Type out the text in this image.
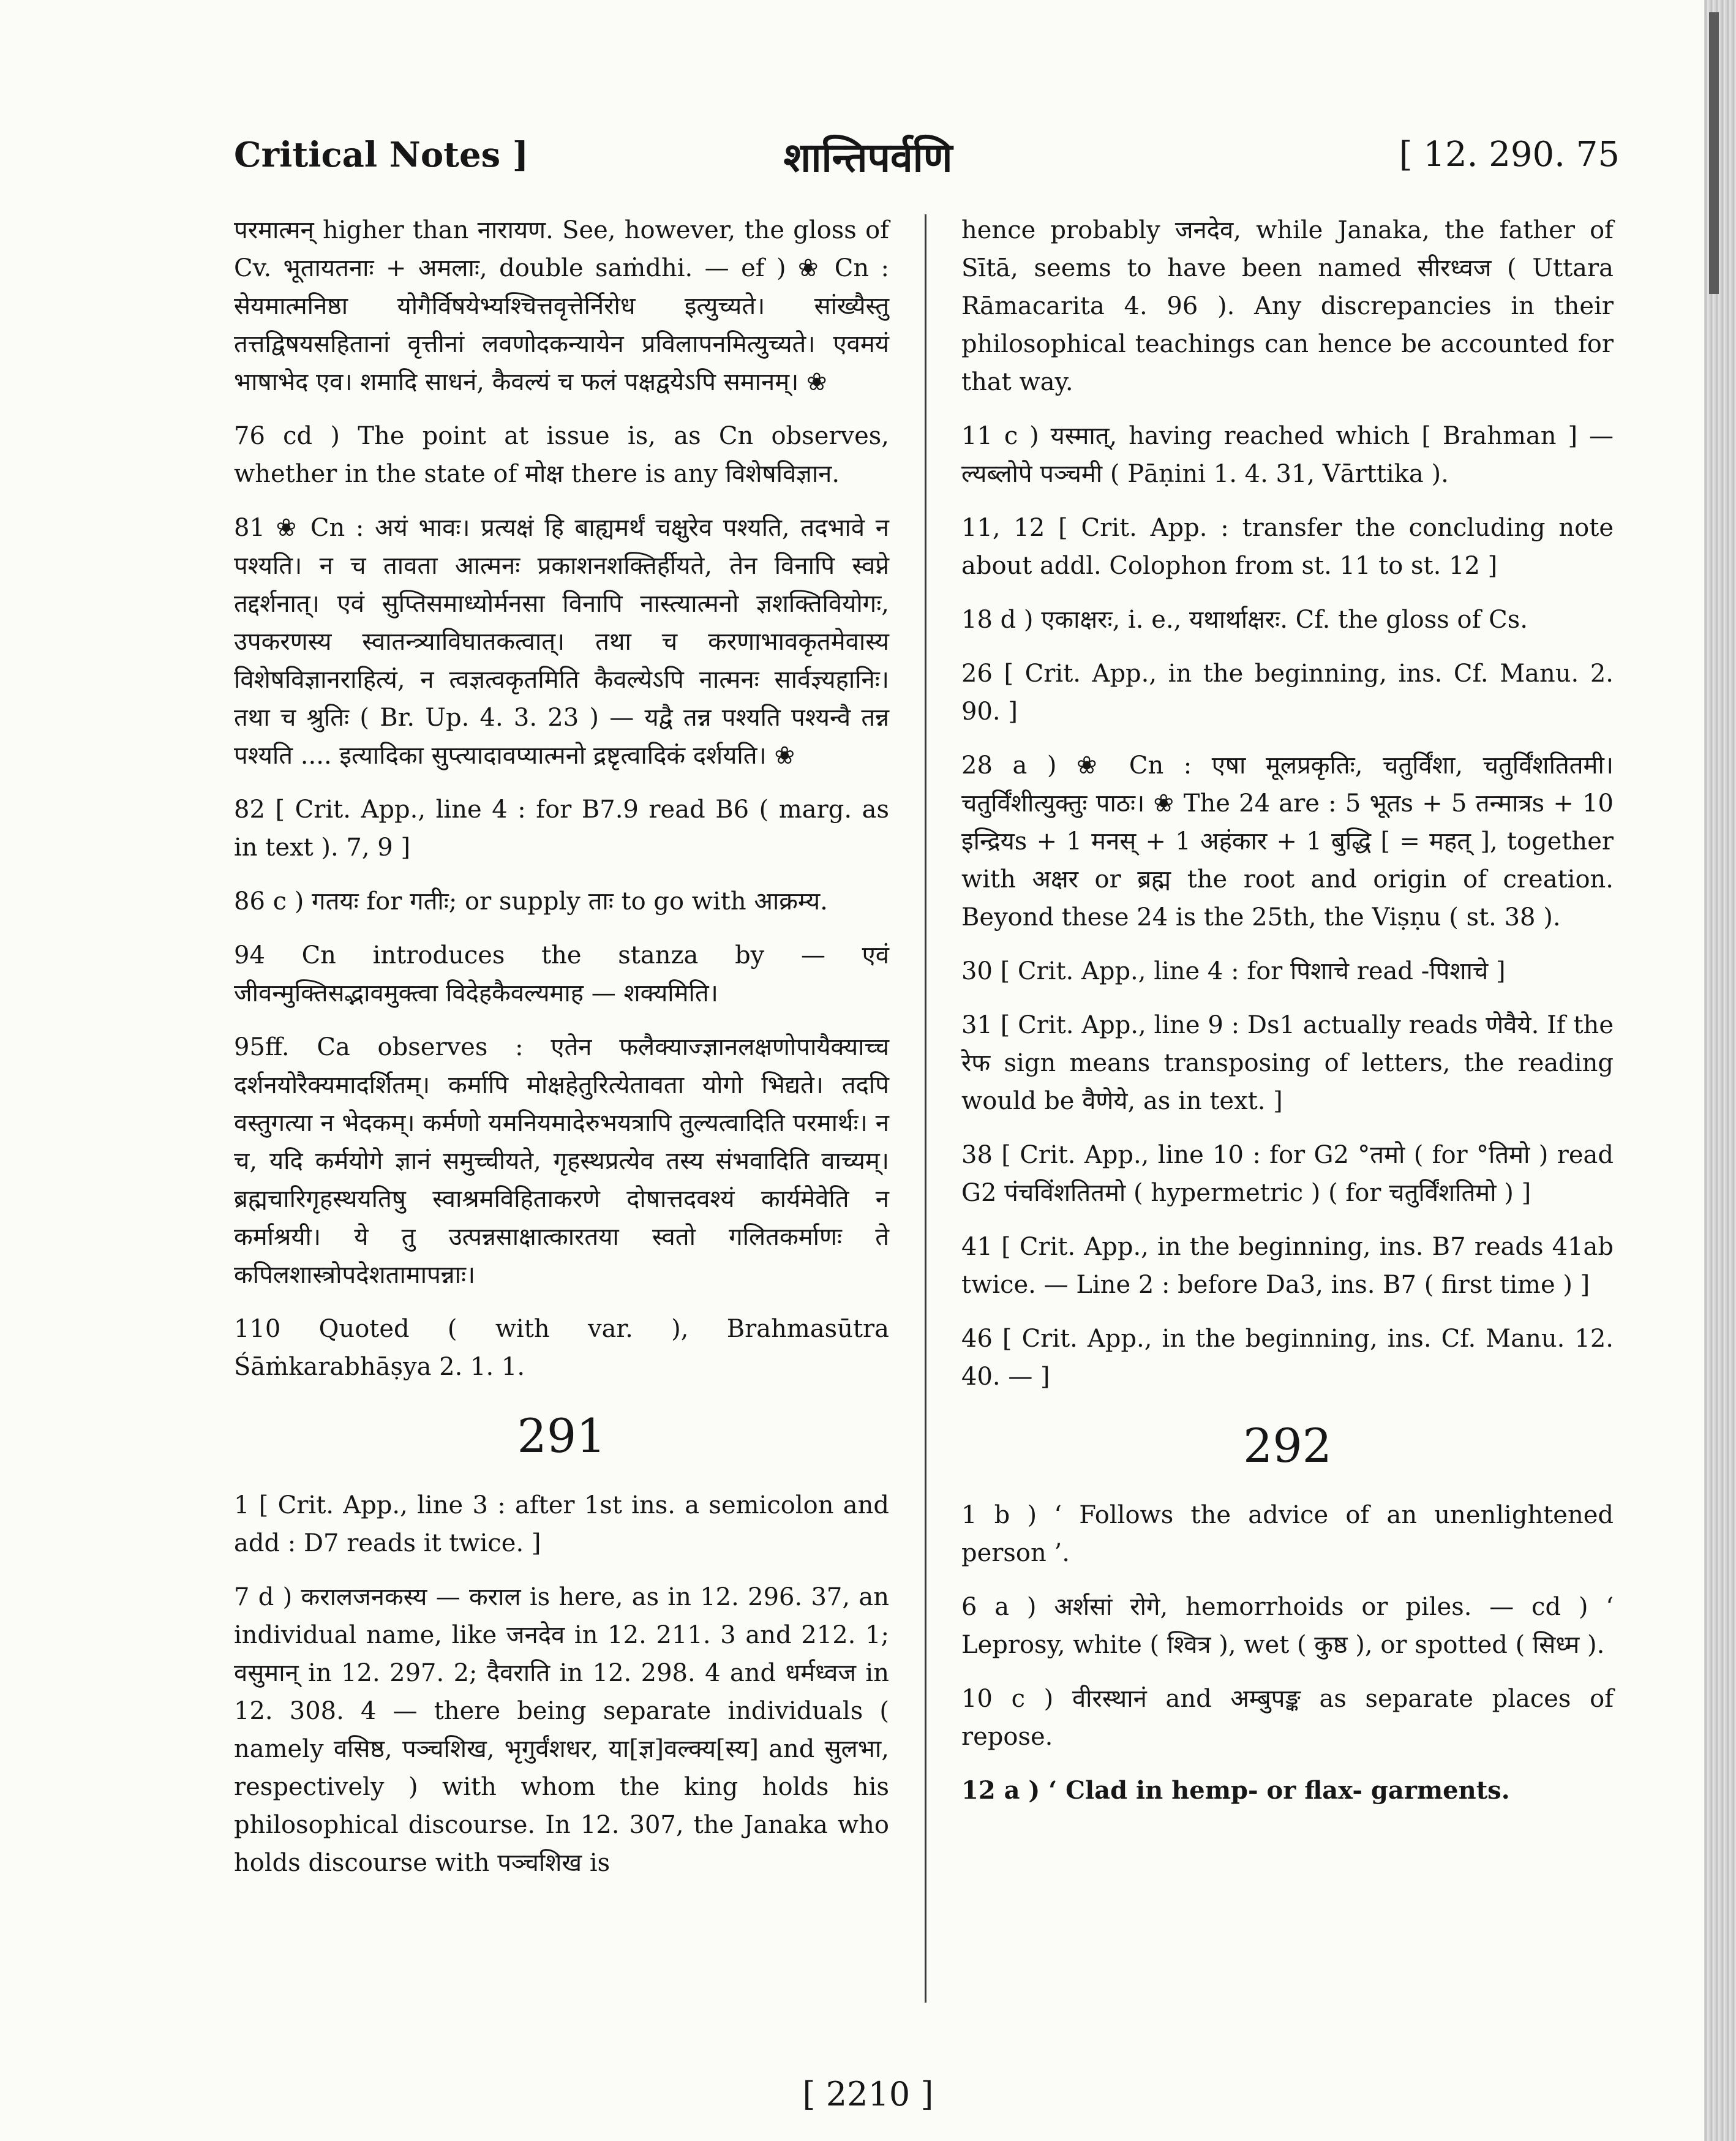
Critical Notes ]	शान्तिपर्वणि	[ 12. 290. 75

परमात्मन् higher than नारायण. See, however, the gloss of Cv. भूतायतनाः + अमलाः, double saṁdhi. — ef ) ❀ Cn : सेयमात्मनिष्ठा योगैर्विषयेभ्यश्चित्तवृत्तेर्निरोध इत्युच्यते। सांख्यैस्तु तत्तद्विषयसहितानां वृत्तीनां लवणोदकन्यायेन प्रविलापनमित्युच्यते। एवमयं भाषाभेद एव। शमादि साधनं, कैवल्यं च फलं पक्षद्वयेऽपि समानम्। ❀

76 cd ) The point at issue is, as Cn observes, whether in the state of मोक्ष there is any विशेषविज्ञान.

81 ❀ Cn : अयं भावः। प्रत्यक्षं हि बाह्यमर्थं चक्षुरेव पश्यति, तदभावे न पश्यति। न च तावता आत्मनः प्रकाशनशक्तिर्हीयते, तेन विनापि स्वप्ने तद्दर्शनात्। एवं सुप्तिसमाध्योर्मनसा विनापि नास्त्यात्मनो ज्ञशक्तिवियोगः, उपकरणस्य स्वातन्त्र्याविघातकत्वात्। तथा च करणाभावकृतमेवास्य विशेषविज्ञानराहित्यं, न त्वज्ञत्वकृतमिति कैवल्येऽपि नात्मनः सार्वज्ञ्यहानिः। तथा च श्रुतिः ( Br. Up. 4. 3. 23 ) — यद्वै तन्न पश्यति पश्यन्वै तन्न पश्यति .... इत्यादिका सुप्त्यादावप्यात्मनो द्रष्टृत्वादिकं दर्शयति। ❀

82 [ Crit. App., line 4 : for B7.9 read B6 ( marg. as in text ). 7, 9 ]

86 c ) गतयः for गतीः; or supply ताः to go with आक्रम्य.

94 Cn introduces the stanza by — एवं जीवन्मुक्तिसद्भावमुक्त्वा विदेहकैवल्यमाह — शक्यमिति।

95ff. Ca observes : एतेन फलैक्याज्ज्ञानलक्षणोपायैक्याच्च दर्शनयोरैक्यमादर्शितम्। कर्मापि मोक्षहेतुरित्येतावता योगो भिद्यते। तदपि वस्तुगत्या न भेदकम्। कर्मणो यमनियमादेरुभयत्रापि तुल्यत्वादिति परमार्थः। न च, यदि कर्मयोगे ज्ञानं समुच्चीयते, गृहस्थप्रत्येव तस्य संभवादिति वाच्यम्। ब्रह्मचारिगृहस्थयतिषु स्वाश्रमविहिताकरणे दोषात्तदवश्यं कार्यमेवेति न कर्माश्रयी। ये तु उत्पन्नसाक्षात्कारतया स्वतो गलितकर्माणः ते कपिलशास्त्रोपदेशतामापन्नाः।

110 Quoted ( with var. ), Brahmasūtra Śāṁkarabhāṣya 2. 1. 1.

291

1 [ Crit. App., line 3 : after 1st ins. a semicolon and add : D7 reads it twice. ]

7 d ) करालजनकस्य — कराल is here, as in 12. 296. 37, an individual name, like जनदेव in 12. 211. 3 and 212. 1; वसुमान् in 12. 297. 2; दैवराति in 12. 298. 4 and धर्मध्वज in 12. 308. 4 — there being separate individuals ( namely वसिष्ठ, पञ्चशिख, भृगुर्वंशधर, या[ज्ञ]वल्क्य[स्य] and सुलभा, respectively ) with whom the king holds his philosophical discourse. In 12. 307, the Janaka who holds discourse with पञ्चशिख is

hence probably जनदेव, while Janaka, the father of Sītā, seems to have been named सीरध्वज ( Uttara Rāmacarita 4. 96 ). Any discrepancies in their philosophical teachings can hence be accounted for that way.

11 c ) यस्मात्, having reached which [ Brahman ] — ल्यब्लोपे पञ्चमी ( Pāṇini 1. 4. 31, Vārttika ).

11, 12 [ Crit. App. : transfer the concluding note about addl. Colophon from st. 11 to st. 12 ]

18 d ) एकाक्षरः, i. e., यथार्थाक्षरः. Cf. the gloss of Cs.

26 [ Crit. App., in the beginning, ins. Cf. Manu. 2. 90. ]

28 a ) ❀ Cn : एषा मूलप्रकृतिः, चतुर्विंशा, चतुर्विंशतितमी। चतुर्विंशीत्युक्तुः पाठः। ❀ The 24 are : 5 भूतs + 5 तन्मात्रs + 10 इन्द्रियs + 1 मनस् + 1 अहंकार + 1 बुद्धि [ = महत् ], together with अक्षर or ब्रह्म the root and origin of creation. Beyond these 24 is the 25th, the Viṣṇu ( st. 38 ).

30 [ Crit. App., line 4 : for पिशाचे read -पिशाचे ]

31 [ Crit. App., line 9 : Ds1 actually reads णेवैये. If the रेफ sign means transposing of letters, the reading would be वैणेये, as in text. ]

38 [ Crit. App., line 10 : for G2 °तमो ( for °तिमो ) read G2 पंचविंशतितमो ( hypermetric ) ( for चतुर्विंशतिमो ) ]

41 [ Crit. App., in the beginning, ins. B7 reads 41ab twice. — Line 2 : before Da3, ins. B7 ( first time ) ]

46 [ Crit. App., in the beginning, ins. Cf. Manu. 12. 40. — ]

292

1 b ) ‘ Follows the advice of an unenlightened person ’.

6 a ) अर्शसां रोगे, hemorrhoids or piles. — cd ) ‘ Leprosy, white ( श्वित्र ), wet ( कुष्ठ ), or spotted ( सिध्म ).

10 c ) वीरस्थानं and अम्बुपङ्क as separate places of repose.

12 a ) ‘ Clad in hemp- or flax- garments.

[ 2210 ]
